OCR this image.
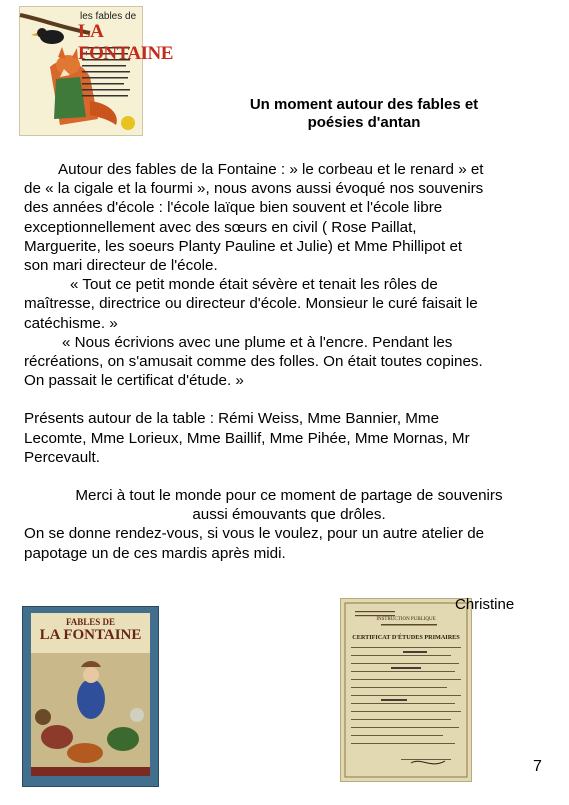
les fables de
LA FONTAINE
Un moment autour des fables et
poésies d'antan

Autour des fables de la Fontaine : » le corbeau et le renard » et

de « la cigale et la fourmi », nous avons aussi évoqué nos souvenirs

des années d'école : l'école laïque bien souvent et l'école libre

exceptionnellement avec des sœurs en civil ( Rose Paillat,

Marguerite, les soeurs Planty Pauline et Julie) et Mme Phillipot et

son mari directeur de l'école.

« Tout ce petit monde était sévère et tenait les rôles de

maîtresse, directrice ou directeur d'école. Monsieur le curé faisait le

catéchisme. »

« Nous écrivions avec une plume et à l'encre. Pendant les

récréations, on s'amusait comme des folles. On était toutes copines.

On passait le certificat d'étude. »

Présents autour de la table : Rémi Weiss, Mme Bannier, Mme

Lecomte, Mme Lorieux, Mme Baillif, Mme Pihée, Mme Mornas, Mr

Percevault.

Merci à tout le monde pour ce moment de partage de souvenirs

aussi émouvants que drôles.

On se donne rendez-vous, si vous le voulez, pour un autre atelier de

papotage un de ces mardis après midi.

FABLES DE
LA FONTAINE	CERTIFICAT D'ÉTUDES PRIMAIRES
INSTRUCTION PUBLIQUE
Christine
7
